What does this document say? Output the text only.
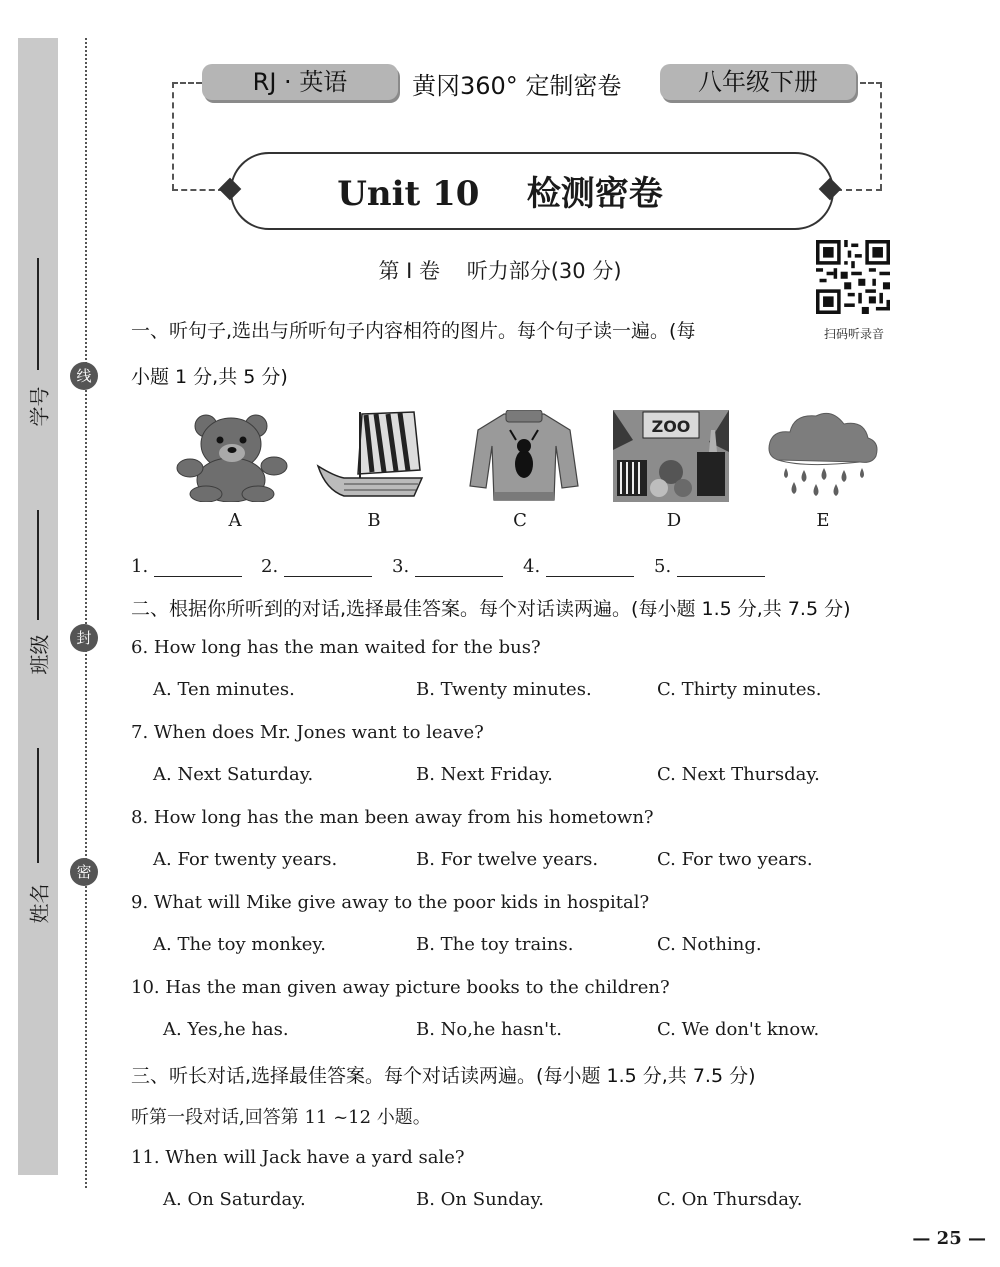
学号
班级
姓名
线
封
密
RJ · 英语	黄冈360° 定制密卷	八年级下册
Unit 10    检测密卷
第 I 卷    听力部分(30 分)
扫码听录音
一、听句子,选出与所听句子内容相符的图片。每个句子读一遍。(每
小题 1 分,共 5 分)
ZOO
A	B	C	D	E
1.	2.	3.	4.	5.
二、根据你所听到的对话,选择最佳答案。每个对话读两遍。(每小题 1.5 分,共 7.5 分)
6. How long has the man waited for the bus?
A. Ten minutes.	B. Twenty minutes.	C. Thirty minutes.
7. When does Mr. Jones want to leave?
A. Next Saturday.	B. Next Friday.	C. Next Thursday.
8. How long has the man been away from his hometown?
A. For twenty years.	B. For twelve years.	C. For two years.
9. What will Mike give away to the poor kids in hospital?
A. The toy monkey.	B. The toy trains.	C. Nothing.
10. Has the man given away picture books to the children?
A. Yes,he has.	B. No,he hasn't.	C. We don't know.
三、听长对话,选择最佳答案。每个对话读两遍。(每小题 1.5 分,共 7.5 分)
听第一段对话,回答第 11 ~12 小题。
11. When will Jack have a yard sale?
A. On Saturday.	B. On Sunday.	C. On Thursday.
— 25 —
